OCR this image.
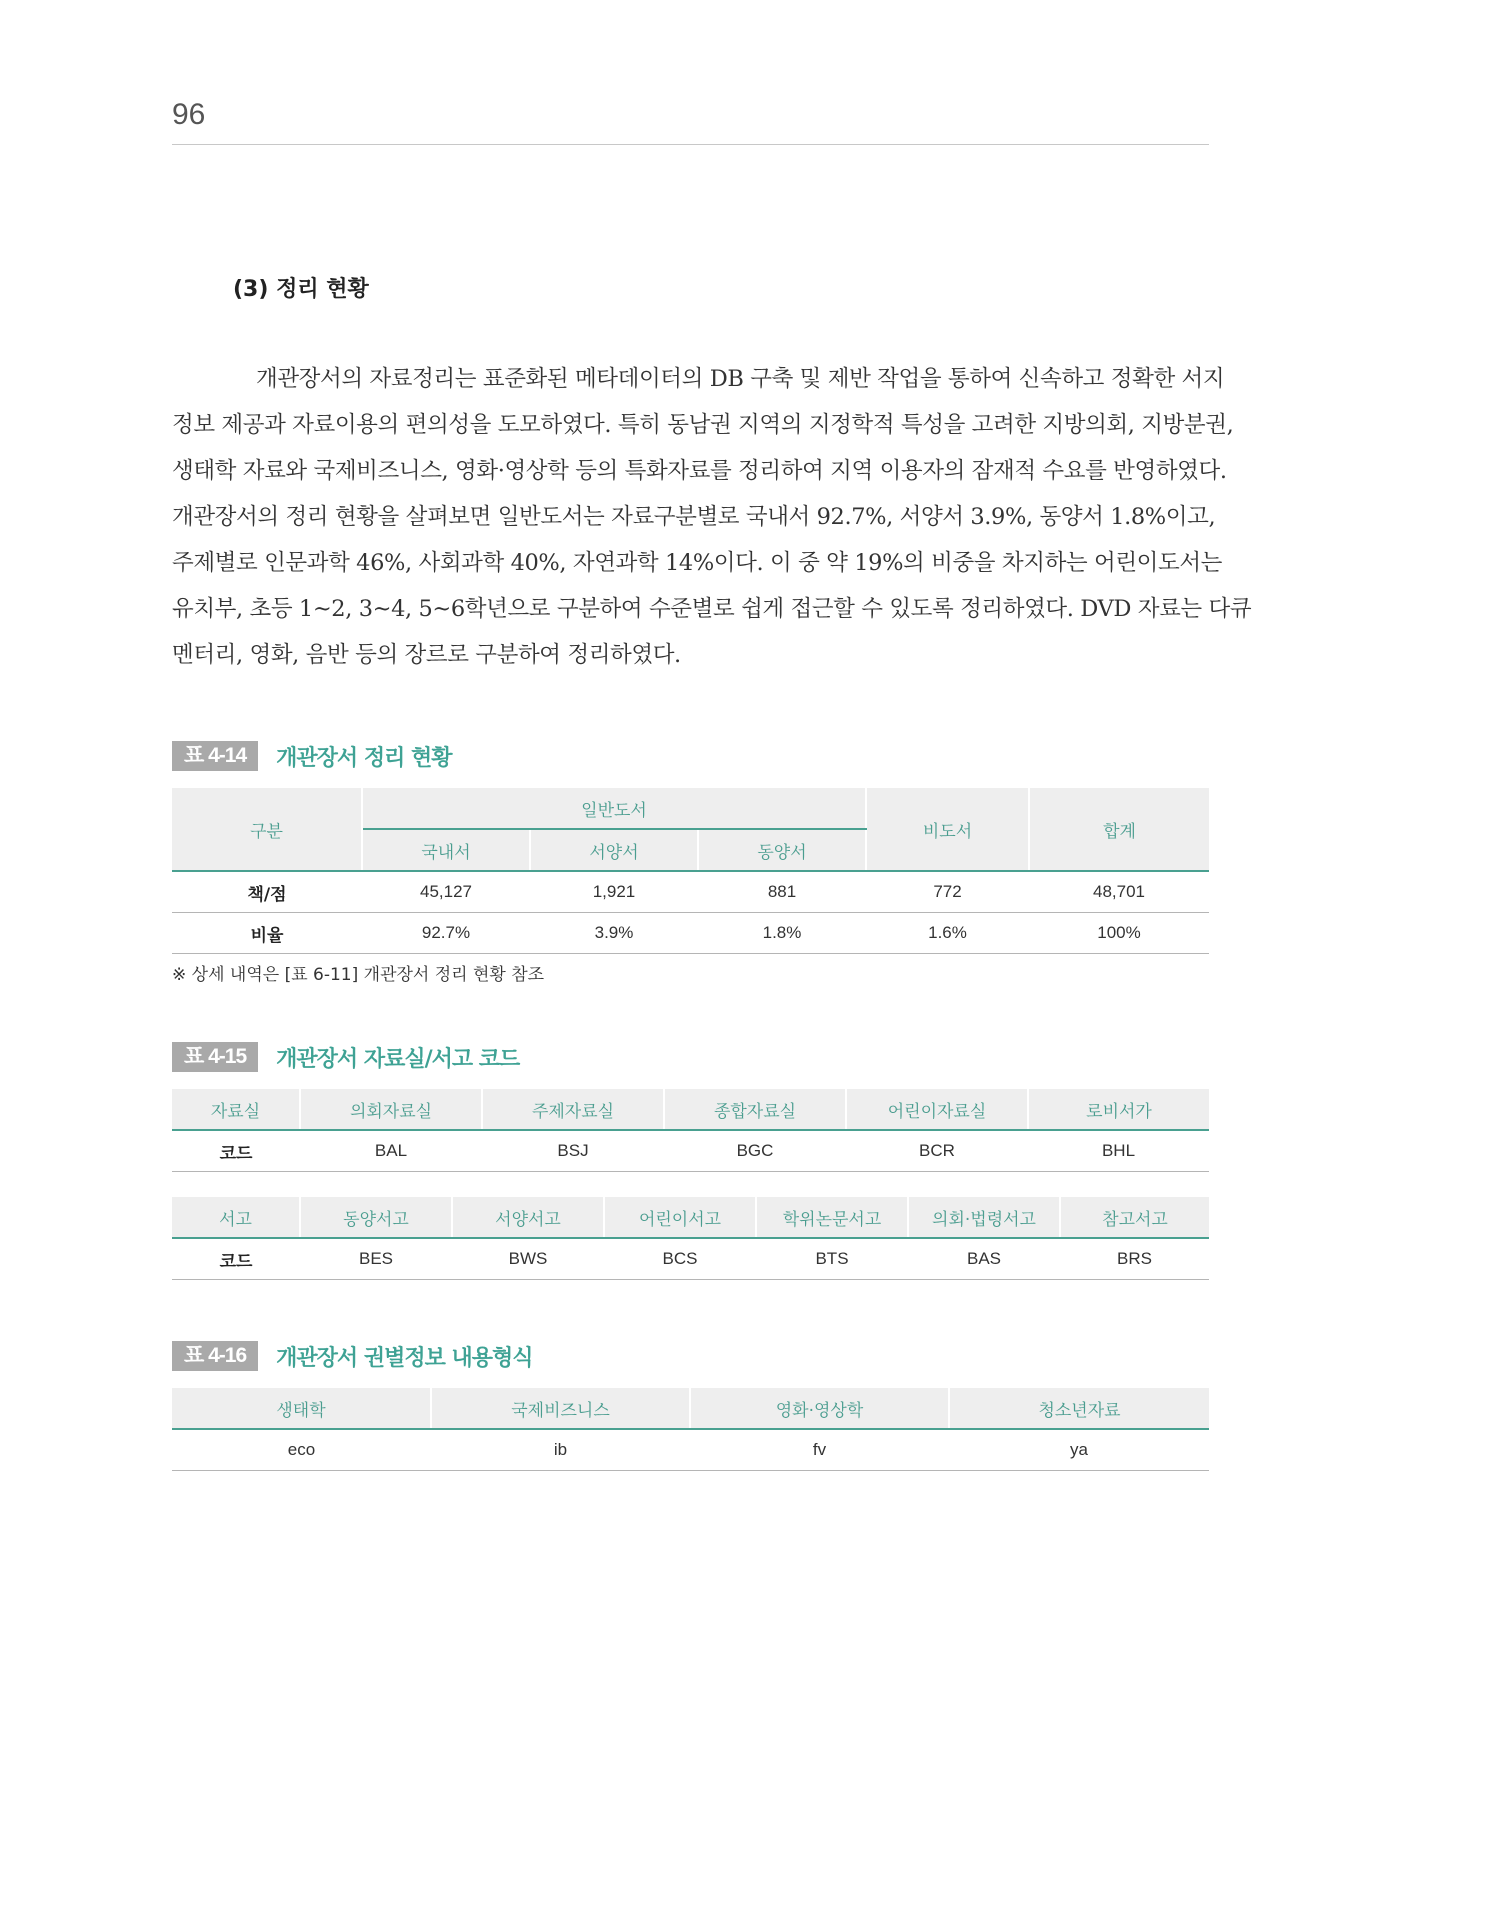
96
(3) 정리 현황
개관장서의 자료정리는 표준화된 메타데이터의 DB 구축 및 제반 작업을 통하여 신속하고 정확한 서지
정보 제공과 자료이용의 편의성을 도모하였다. 특히 동남권 지역의 지정학적 특성을 고려한 지방의회, 지방분권,
생태학 자료와 국제비즈니스, 영화·영상학 등의 특화자료를 정리하여 지역 이용자의 잠재적 수요를 반영하였다.
개관장서의 정리 현황을 살펴보면 일반도서는 자료구분별로 국내서 92.7%, 서양서 3.9%, 동양서 1.8%이고,
주제별로 인문과학 46%, 사회과학 40%, 자연과학 14%이다. 이 중 약 19%의 비중을 차지하는 어린이도서는
유치부, 초등 1~2, 3~4, 5~6학년으로 구분하여 수준별로 쉽게 접근할 수 있도록 정리하였다. DVD 자료는 다큐
멘터리, 영화, 음반 등의 장르로 구분하여 정리하였다.
표 4-14	개관장서 정리 현황
구분	일반도서			비도서	합계
	국내서	서양서	동양서		
책/점	45,127	1,921	881	772	48,701
비율	92.7%	3.9%	1.8%	1.6%	100%
※ 상세 내역은 [표 6-11] 개관장서 정리 현황 참조
표 4-15	개관장서 자료실/서고 코드
자료실	의회자료실	주제자료실	종합자료실	어린이자료실	로비서가
코드	BAL	BSJ	BGC	BCR	BHL
서고	동양서고	서양서고	어린이서고	학위논문서고	의회·법령서고	참고서고
코드	BES	BWS	BCS	BTS	BAS	BRS
표 4-16	개관장서 권별정보 내용형식
생태학	국제비즈니스	영화·영상학	청소년자료
eco	ib	fv	ya
